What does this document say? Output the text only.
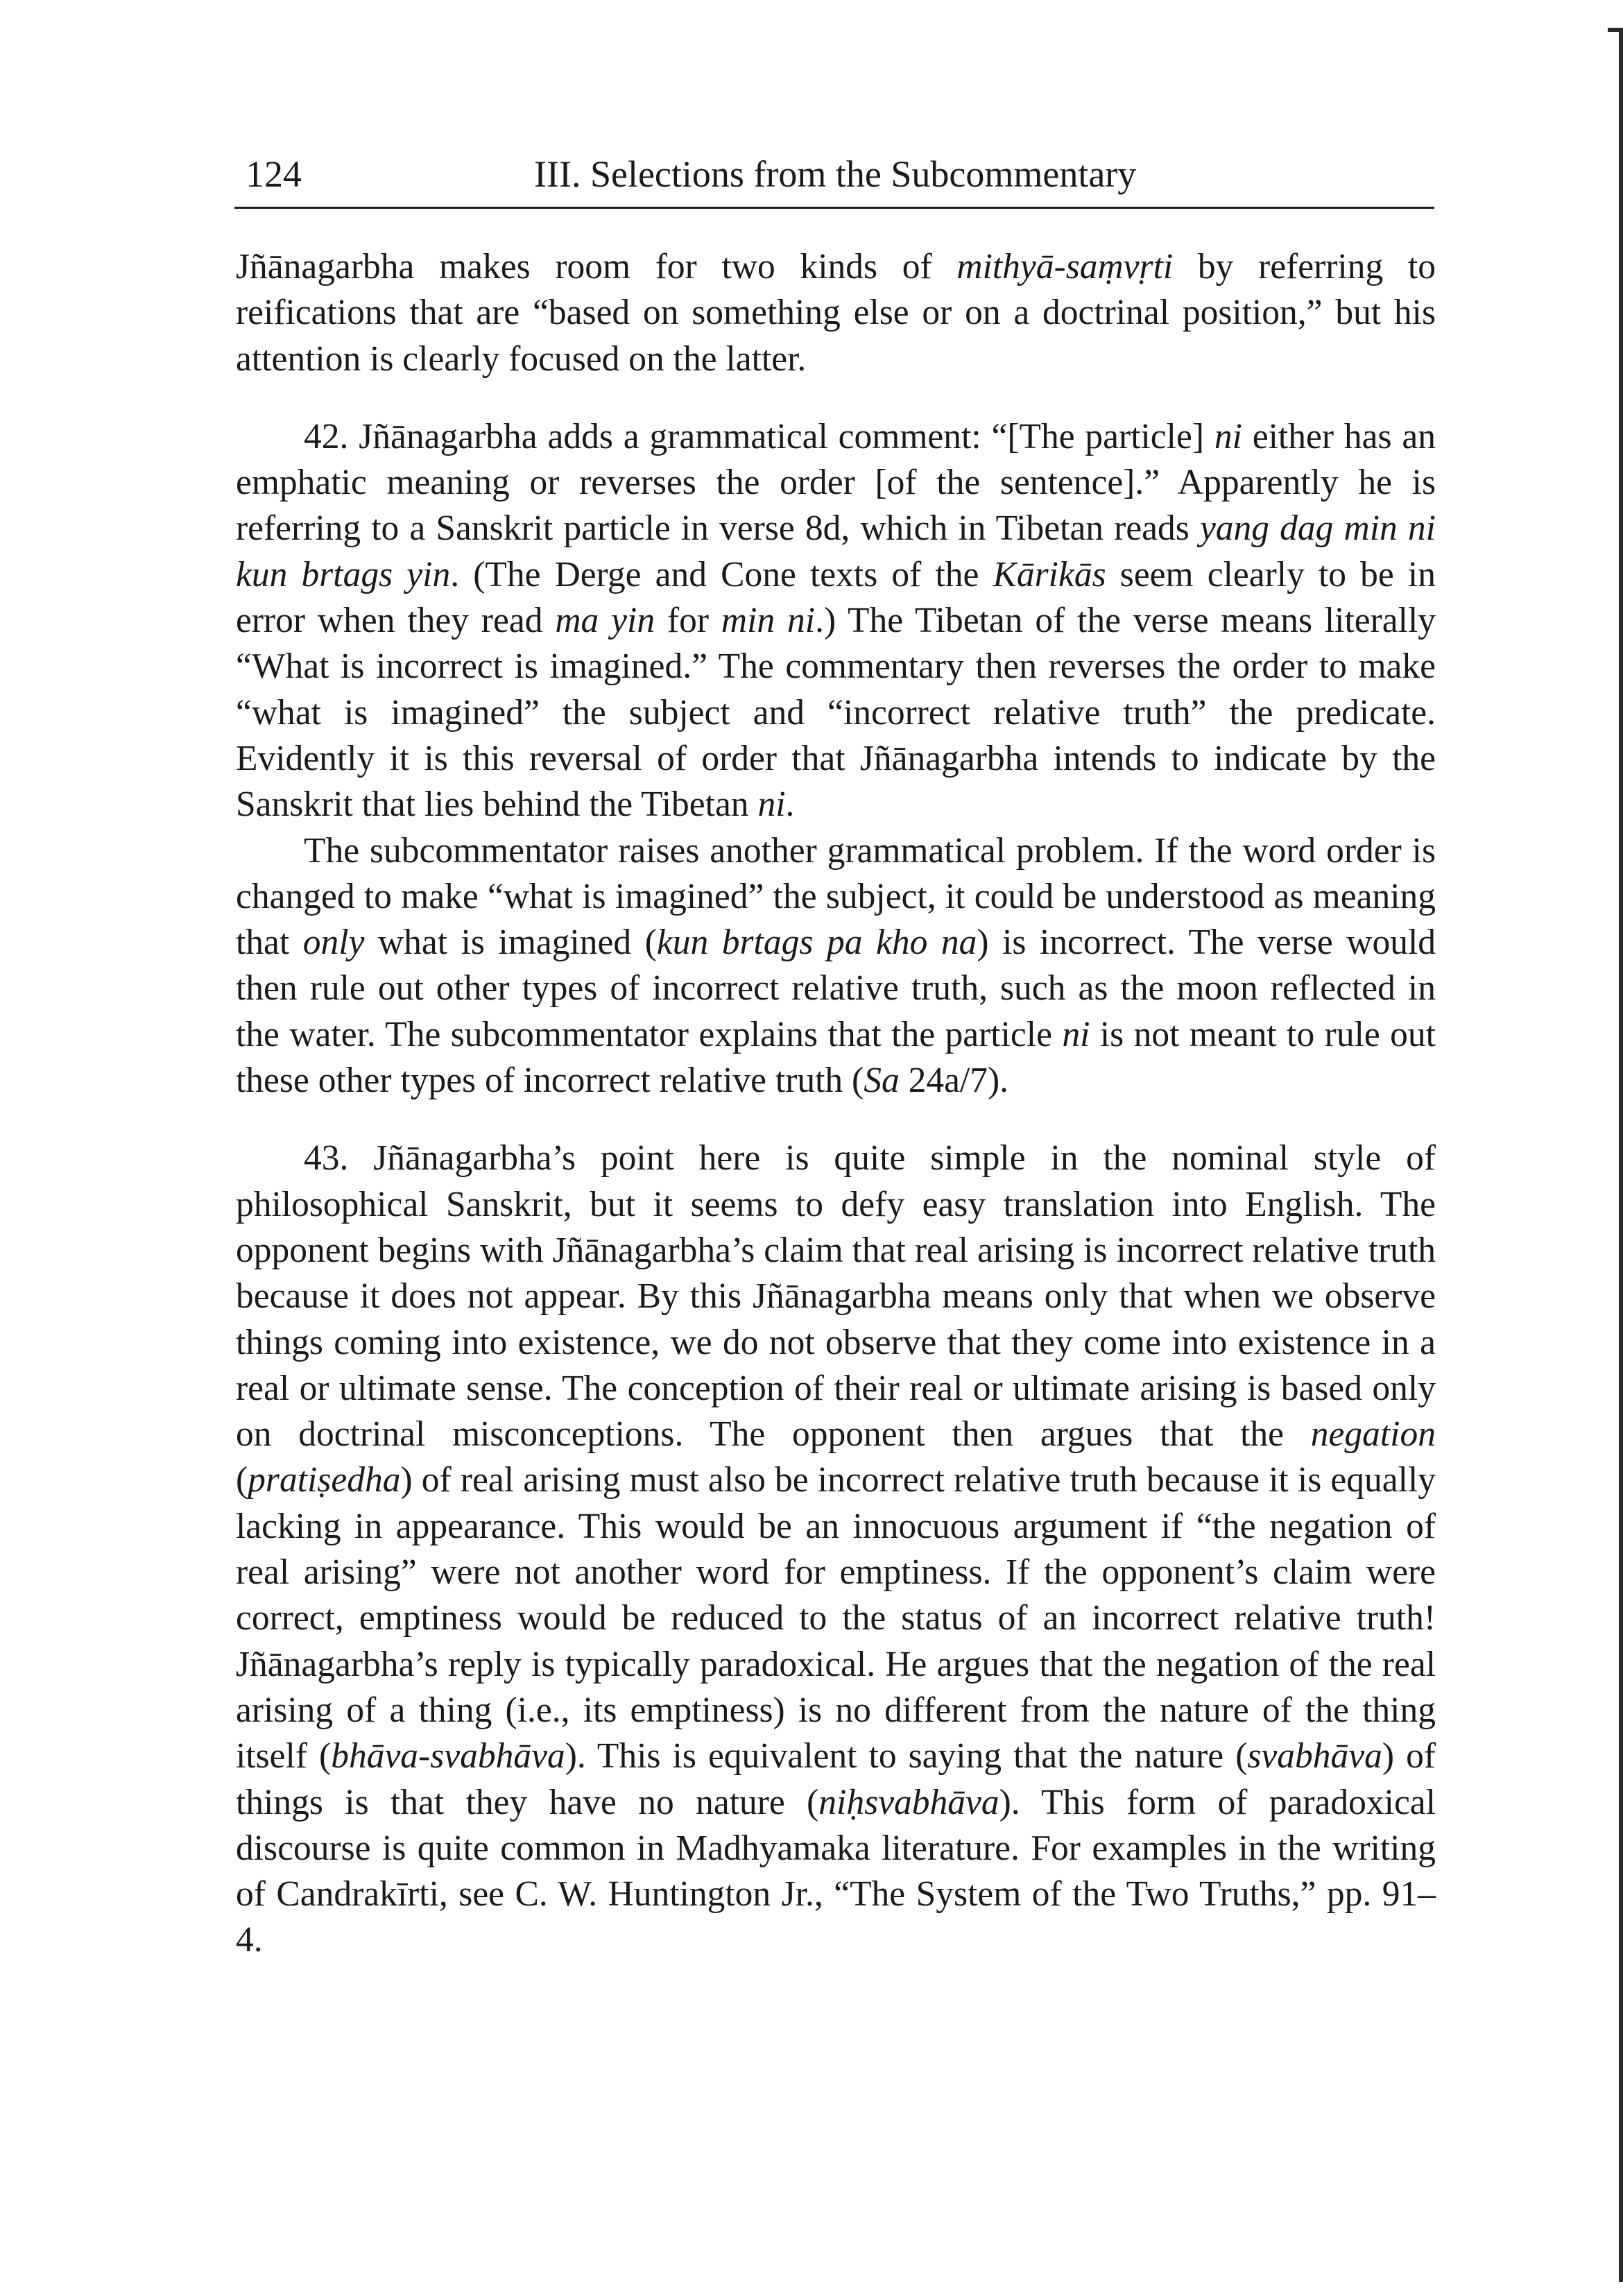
124	III. Selections from the Subcommentary

Jñānagarbha makes room for two kinds of mithyā-saṃvṛti by referring to reifications that are “based on something else or on a doctrinal position,” but his attention is clearly focused on the latter.

42. Jñānagarbha adds a grammatical comment: “[The particle] ni either has an emphatic meaning or reverses the order [of the sentence].” Apparently he is referring to a Sanskrit particle in verse 8d, which in Tibetan reads yang dag min ni kun brtags yin. (The Derge and Cone texts of the Kārikās seem clearly to be in error when they read ma yin for min ni.) The Tibetan of the verse means literally “What is incorrect is imagined.” The commentary then reverses the order to make “what is imagined” the subject and “incorrect relative truth” the predicate. Evidently it is this reversal of order that Jñānagarbha intends to indicate by the Sanskrit that lies behind the Tibetan ni.

The subcommentator raises another grammatical problem. If the word order is changed to make “what is imagined” the subject, it could be understood as meaning that only what is imagined (kun brtags pa kho na) is incorrect. The verse would then rule out other types of incorrect relative truth, such as the moon reflected in the water. The subcommentator explains that the particle ni is not meant to rule out these other types of incorrect relative truth (Sa 24a/7).

43. Jñānagarbha’s point here is quite simple in the nominal style of philosophical Sanskrit, but it seems to defy easy translation into English. The opponent begins with Jñānagarbha’s claim that real arising is incorrect relative truth because it does not appear. By this Jñānagarbha means only that when we observe things coming into existence, we do not observe that they come into existence in a real or ultimate sense. The conception of their real or ultimate arising is based only on doctrinal misconceptions. The opponent then argues that the negation (pratiṣedha) of real arising must also be incorrect relative truth because it is equally lacking in appearance. This would be an innocuous argument if “the negation of real arising” were not another word for emptiness. If the opponent’s claim were correct, emptiness would be reduced to the status of an incorrect relative truth! Jñānagarbha’s reply is typically paradoxical. He argues that the negation of the real arising of a thing (i.e., its emptiness) is no different from the nature of the thing itself (bhāva-svabhāva). This is equivalent to saying that the nature (svabhāva) of things is that they have no nature (niḥsvabhāva). This form of paradoxical discourse is quite common in Madhyamaka literature. For examples in the writing of Candrakīrti, see C. W. Huntington Jr., “The System of the Two Truths,” pp. 91–4.
